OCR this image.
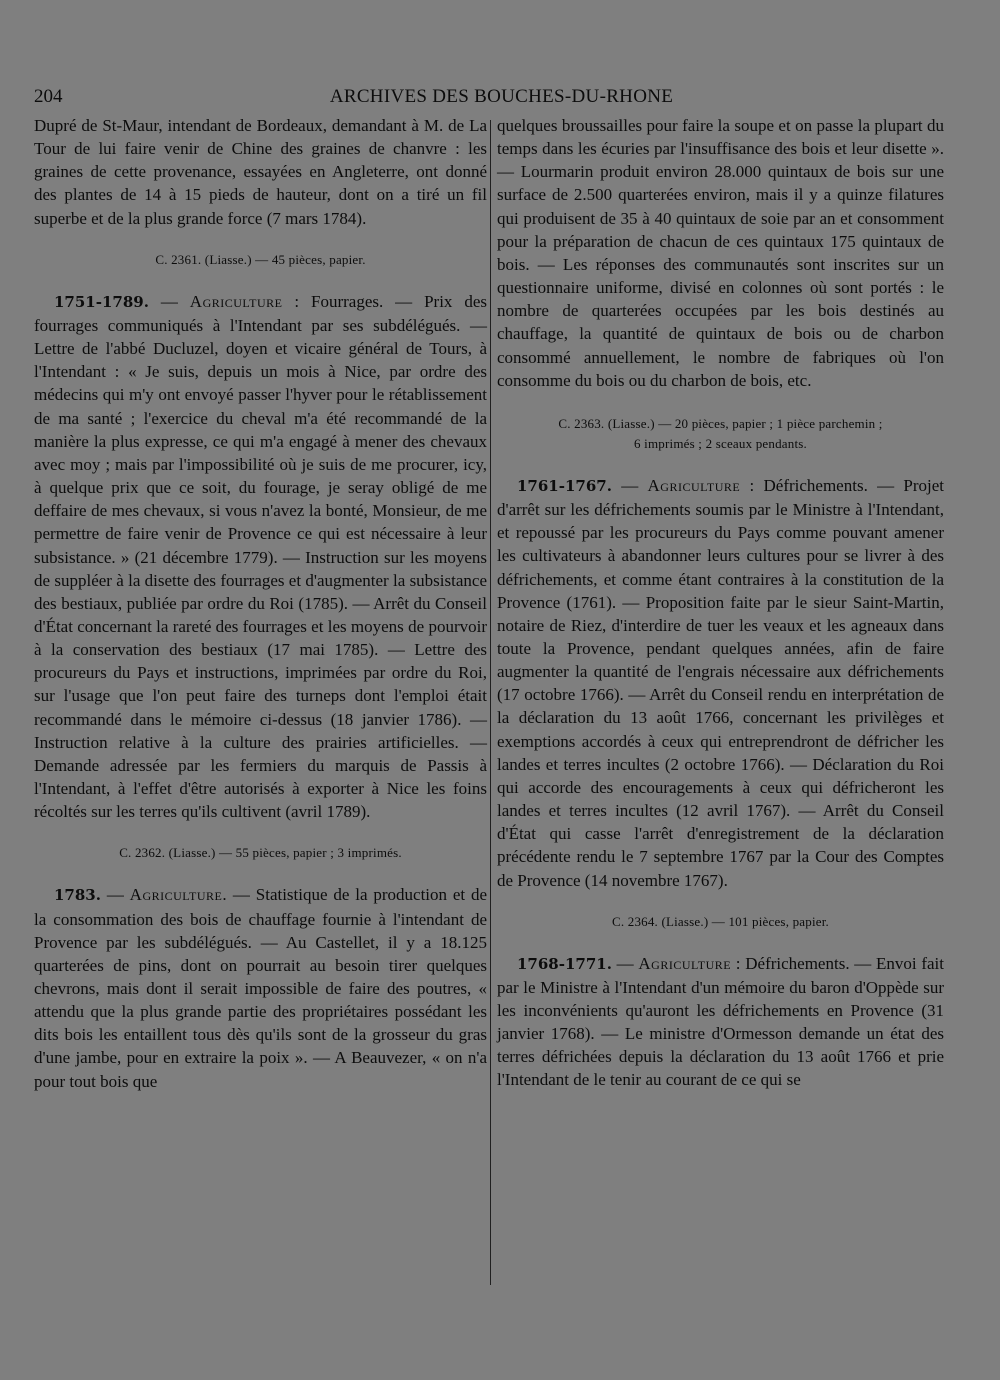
204	ARCHIVES DES BOUCHES-DU-RHONE

Dupré de St-Maur, intendant de Bordeaux, demandant à M. de La Tour de lui faire venir de Chine des graines de chanvre : les graines de cette provenance, essayées en Angleterre, ont donné des plantes de 14 à 15 pieds de hauteur, dont on a tiré un fil superbe et de la plus grande force (7 mars 1784).

C. 2361. (Liasse.) — 45 pièces, papier.

1751-1789. — Agriculture : Fourrages. — Prix des fourrages communiqués à l'Intendant par ses subdélégués. — Lettre de l'abbé Ducluzel, doyen et vicaire général de Tours, à l'Intendant : « Je suis, depuis un mois à Nice, par ordre des médecins qui m'y ont envoyé passer l'hyver pour le rétablissement de ma santé ; l'exercice du cheval m'a été recommandé de la manière la plus expresse, ce qui m'a engagé à mener des chevaux avec moy ; mais par l'impossibilité où je suis de me procurer, icy, à quelque prix que ce soit, du fourage, je seray obligé de me deffaire de mes chevaux, si vous n'avez la bonté, Monsieur, de me permettre de faire venir de Provence ce qui est nécessaire à leur subsistance. » (21 décembre 1779). — Instruction sur les moyens de suppléer à la disette des fourrages et d'augmenter la subsistance des bestiaux, publiée par ordre du Roi (1785). — Arrêt du Conseil d'État concernant la rareté des fourrages et les moyens de pourvoir à la conservation des bestiaux (17 mai 1785). — Lettre des procureurs du Pays et instructions, imprimées par ordre du Roi, sur l'usage que l'on peut faire des turneps dont l'emploi était recommandé dans le mémoire ci-dessus (18 janvier 1786). — Instruction relative à la culture des prairies artificielles. — Demande adressée par les fermiers du marquis de Passis à l'Intendant, à l'effet d'être autorisés à exporter à Nice les foins récoltés sur les terres qu'ils cultivent (avril 1789).

C. 2362. (Liasse.) — 55 pièces, papier ; 3 imprimés.

1783. — Agriculture. — Statistique de la production et de la consommation des bois de chauffage fournie à l'intendant de Provence par les subdélégués. — Au Castellet, il y a 18.125 quarterées de pins, dont on pourrait au besoin tirer quelques chevrons, mais dont il serait impossible de faire des poutres, « attendu que la plus grande partie des propriétaires possédant les dits bois les entaillent tous dès qu'ils sont de la grosseur du gras d'une jambe, pour en extraire la poix ». — A Beauvezer, « on n'a pour tout bois que

quelques broussailles pour faire la soupe et on passe la plupart du temps dans les écuries par l'insuffisance des bois et leur disette ». — Lourmarin produit environ 28.000 quintaux de bois sur une surface de 2.500 quarterées environ, mais il y a quinze filatures qui produisent de 35 à 40 quintaux de soie par an et consomment pour la préparation de chacun de ces quintaux 175 quintaux de bois. — Les réponses des communautés sont inscrites sur un questionnaire uniforme, divisé en colonnes où sont portés : le nombre de quarterées occupées par les bois destinés au chauffage, la quantité de quintaux de bois ou de charbon consommé annuellement, le nombre de fabriques où l'on consomme du bois ou du charbon de bois, etc.

C. 2363. (Liasse.) — 20 pièces, papier ; 1 pièce parchemin ;

6 imprimés ; 2 sceaux pendants.

1761-1767. — Agriculture : Défrichements. — Projet d'arrêt sur les défrichements soumis par le Ministre à l'Intendant, et repoussé par les procureurs du Pays comme pouvant amener les cultivateurs à abandonner leurs cultures pour se livrer à des défrichements, et comme étant contraires à la constitution de la Provence (1761). — Proposition faite par le sieur Saint-Martin, notaire de Riez, d'interdire de tuer les veaux et les agneaux dans toute la Provence, pendant quelques années, afin de faire augmenter la quantité de l'engrais nécessaire aux défrichements (17 octobre 1766). — Arrêt du Conseil rendu en interprétation de la déclaration du 13 août 1766, concernant les privilèges et exemptions accordés à ceux qui entreprendront de défricher les landes et terres incultes (2 octobre 1766). — Déclaration du Roi qui accorde des encouragements à ceux qui défricheront les landes et terres incultes (12 avril 1767). — Arrêt du Conseil d'État qui casse l'arrêt d'enregistrement de la déclaration précédente rendu le 7 septembre 1767 par la Cour des Comptes de Provence (14 novembre 1767).

C. 2364. (Liasse.) — 101 pièces, papier.

1768-1771. — Agriculture : Défrichements. — Envoi fait par le Ministre à l'Intendant d'un mémoire du baron d'Oppède sur les inconvénients qu'auront les défrichements en Provence (31 janvier 1768). — Le ministre d'Ormesson demande un état des terres défrichées depuis la déclaration du 13 août 1766 et prie l'Intendant de le tenir au courant de ce qui se
